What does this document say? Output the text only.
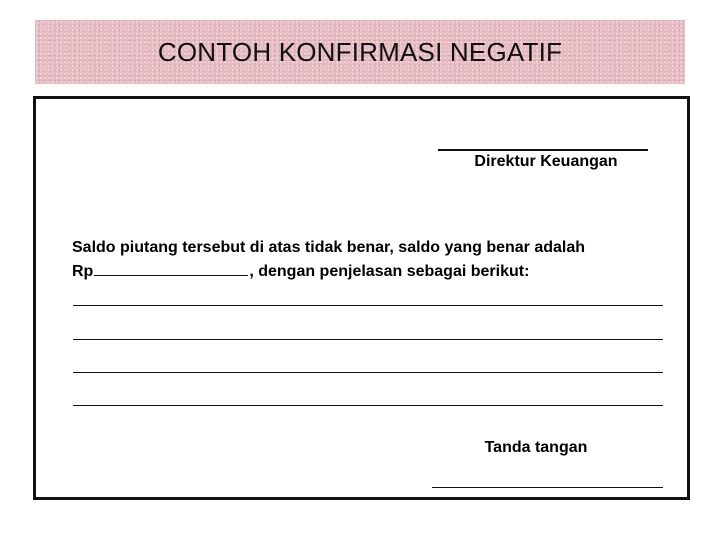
CONTOH KONFIRMASI NEGATIF
Direktur Keuangan
Saldo piutang tersebut di atas tidak benar, saldo yang benar adalah
Rp	, dengan penjelasan sebagai berikut:
Tanda tangan
